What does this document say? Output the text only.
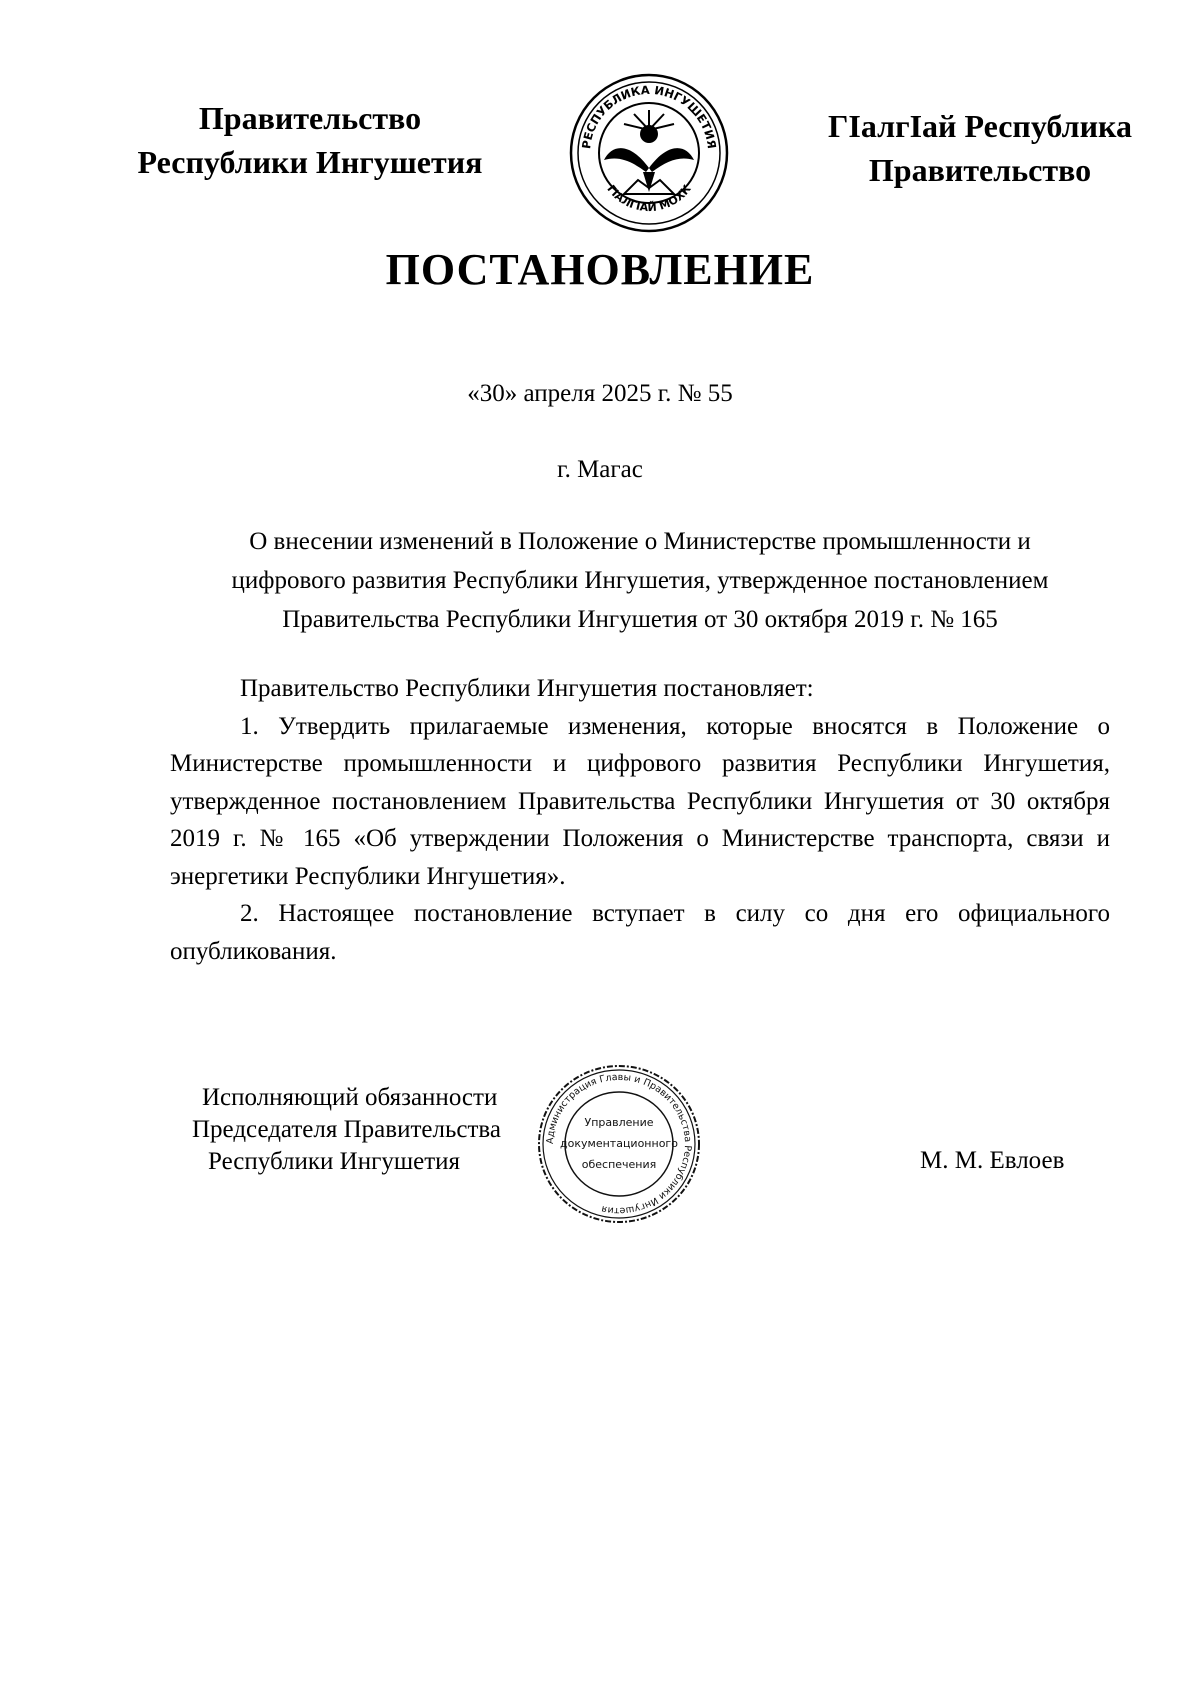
Правительство
Республики Ингушетия	РЕСПУБЛИКА ИНГУШЕТИЯ
ГIАЛГIАЙ МОХК
ГIалгIай Республика
Правительство
ПОСТАНОВЛЕНИЕ
«30» апреля 2025 г. № 55
г. Магас
О внесении изменений в Положение о Министерстве промышленности и
цифрового развития Республики Ингушетия, утвержденное постановлением
Правительства Республики Ингушетия от 30 октября 2019 г. № 165

Правительство Республики Ингушетия постановляет:

1. Утвердить прилагаемые изменения, которые вносятся в Положение о Министерстве промышленности и цифрового развития Республики Ингушетия, утвержденное постановлением Правительства Республики Ингушетия от 30 октября 2019 г. № 165 «Об утверждении Положения о Министерстве транспорта, связи и энергетики Республики Ингушетия».

2. Настоящее постановление вступает в силу со дня его официального опубликования.

Исполняющий обязанности
Председателя Правительства
Республики Ингушетия
Администрация Главы и Правительства Республики Ингушетия
Управление
документационного
обеспечения	М. М. Евлоев
